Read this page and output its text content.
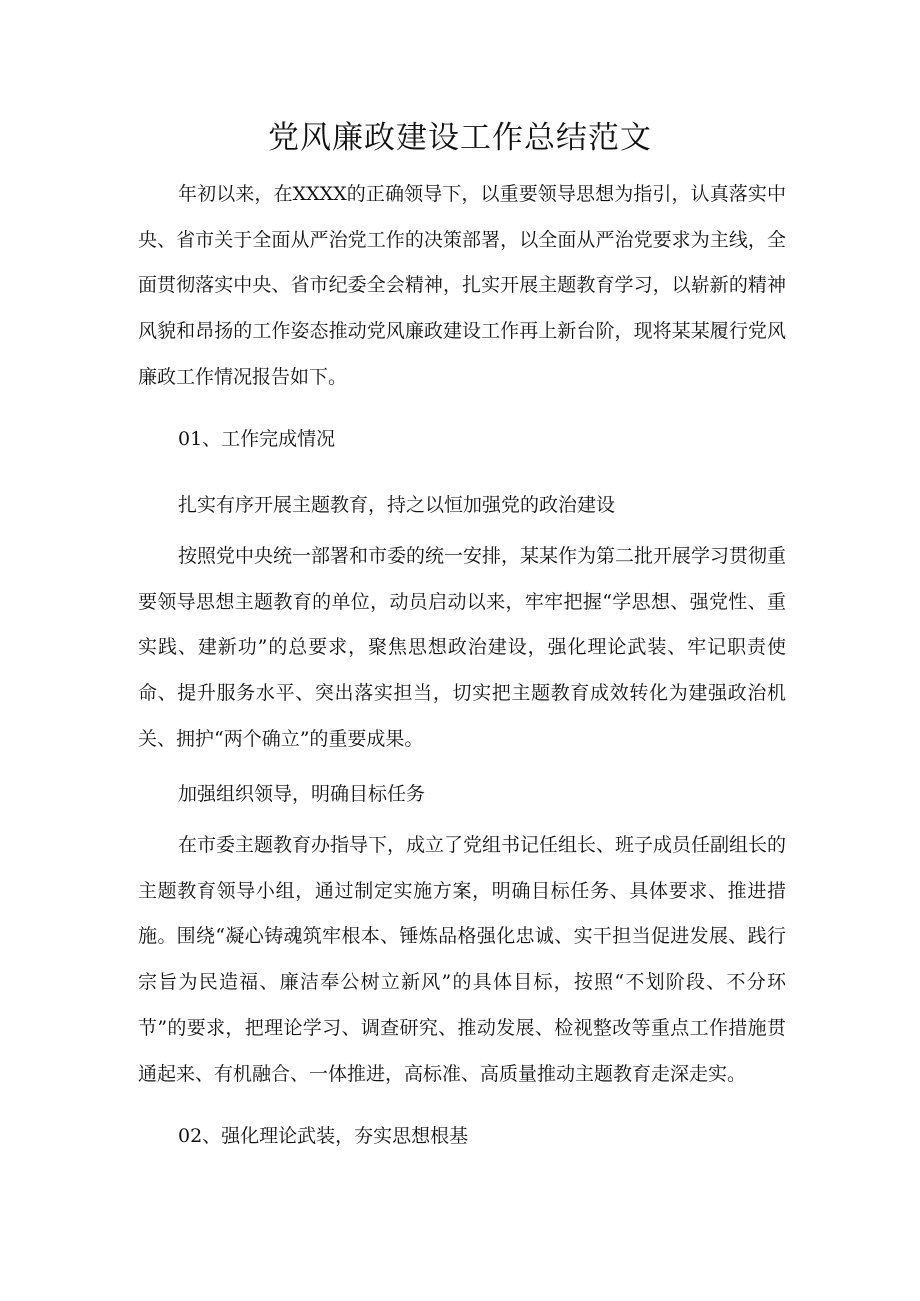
党风廉政建设工作总结范文

年初以来，在XXXX的正确领导下，以重要领导思想为指引，认真落实中央、省市关于全面从严治党工作的决策部署，以全面从严治党要求为主线，全面贯彻落实中央、省市纪委全会精神，扎实开展主题教育学习，以崭新的精神风貌和昂扬的工作姿态推动党风廉政建设工作再上新台阶，现将某某履行党风廉政工作情况报告如下。

01、工作完成情况

扎实有序开展主题教育，持之以恒加强党的政治建设

按照党中央统一部署和市委的统一安排，某某作为第二批开展学习贯彻重要领导思想主题教育的单位，动员启动以来，牢牢把握“学思想、强党性、重实践、建新功”的总要求，聚焦思想政治建设，强化理论武装、牢记职责使命、提升服务水平、突出落实担当，切实把主题教育成效转化为建强政治机关、拥护“两个确立”的重要成果。

加强组织领导，明确目标任务

在市委主题教育办指导下，成立了党组书记任组长、班子成员任副组长的主题教育领导小组，通过制定实施方案，明确目标任务、具体要求、推进措施。围绕“凝心铸魂筑牢根本、锤炼品格强化忠诚、实干担当促进发展、践行宗旨为民造福、廉洁奉公树立新风”的具体目标，按照“不划阶段、不分环节”的要求，把理论学习、调查研究、推动发展、检视整改等重点工作措施贯通起来、有机融合、一体推进，高标准、高质量推动主题教育走深走实。

02、强化理论武装，夯实思想根基
